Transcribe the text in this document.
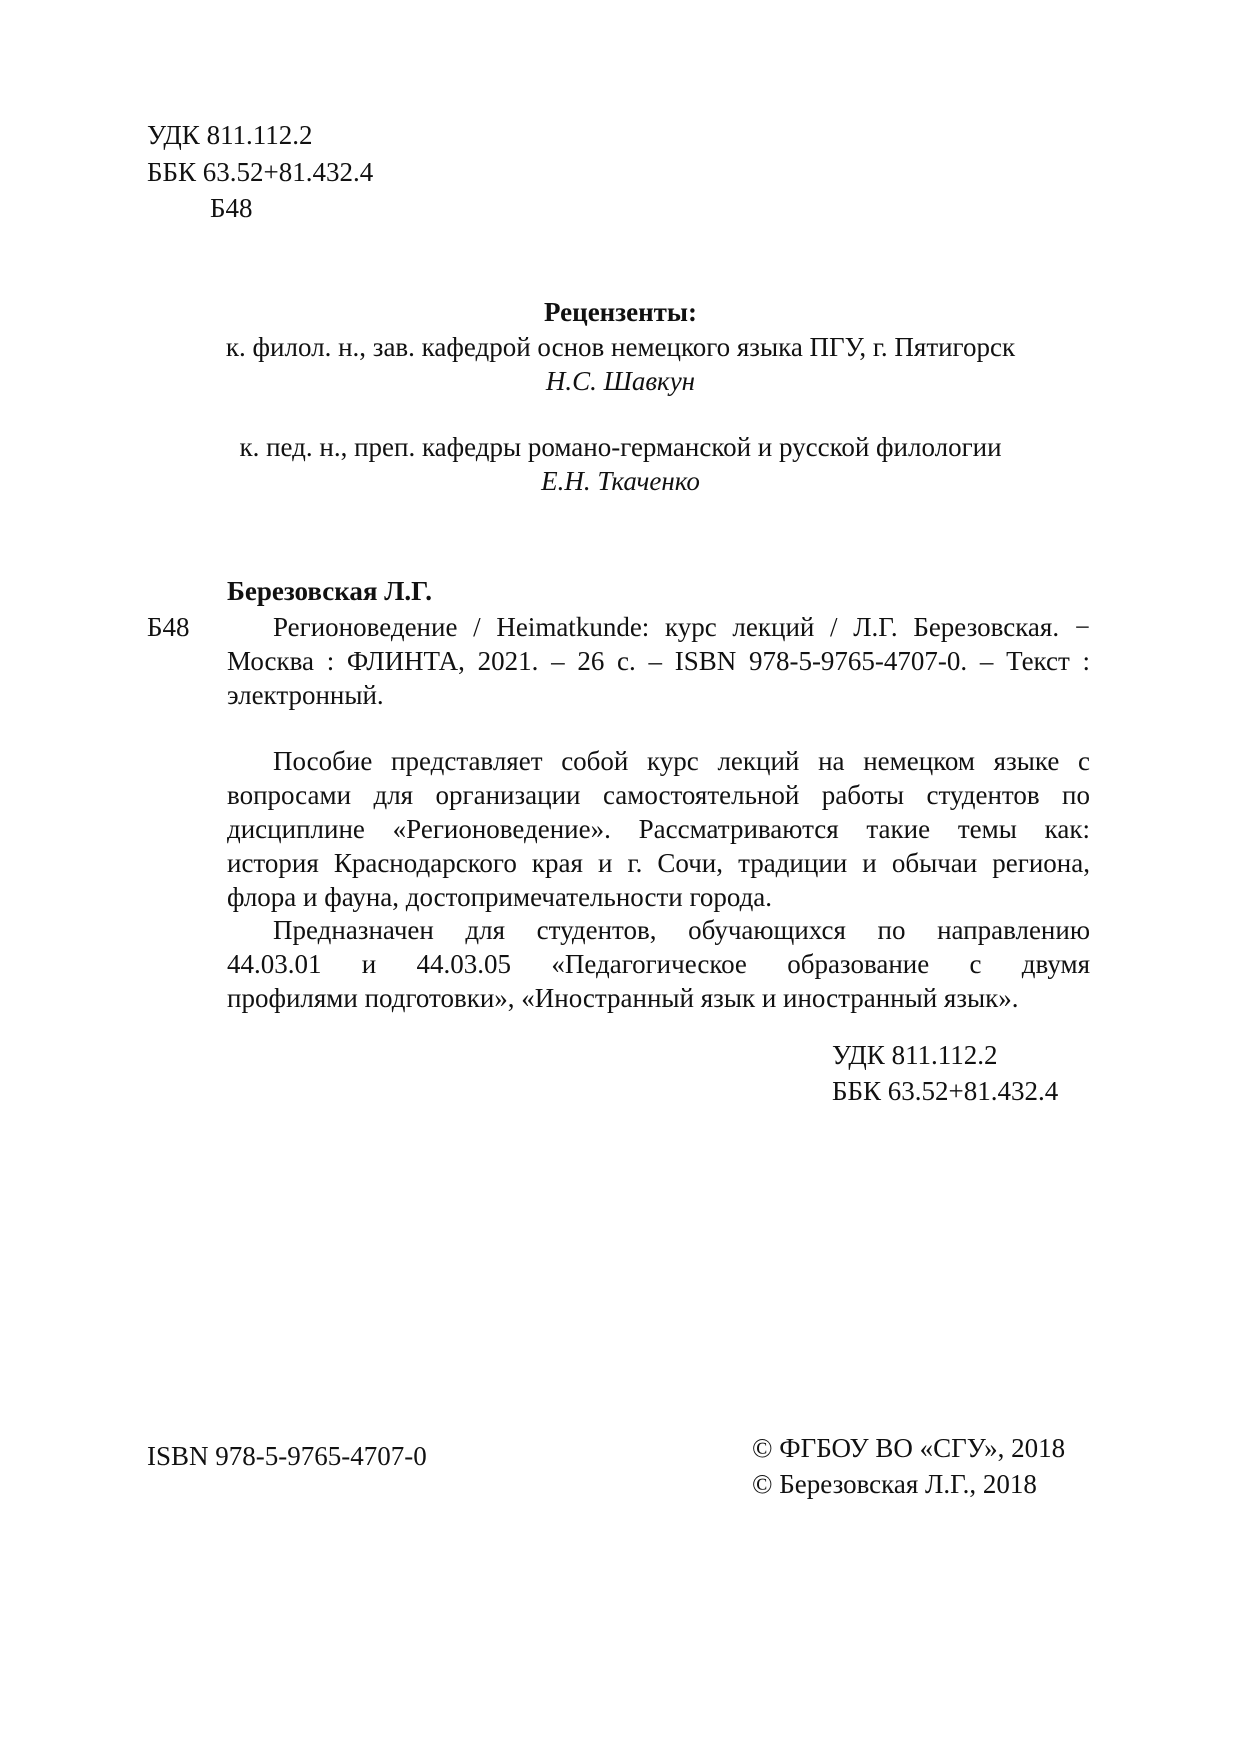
УДК 811.112.2
ББК 63.52+81.432.4
Б48
Рецензенты:
к. филол. н., зав. кафедрой основ немецкого языка ПГУ, г. Пятигорск
Н.С. Шавкун
к. пед. н., преп. кафедры романо-германской и русской филологии
Е.Н. Ткаченко
Березовская Л.Г.
Б48	Регионоведение / Heimatkunde: курс лекций / Л.Г. Березовская. −
Москва : ФЛИНТА, 2021. – 26 с. – ISBN 978-5-9765-4707-0. – Текст :
электронный.
Пособие представляет собой курс лекций на немецком языке с
вопросами для организации самостоятельной работы студентов по
дисциплине «Регионоведение». Рассматриваются такие темы как:
история Краснодарского края и г. Сочи, традиции и обычаи региона,
флора и фауна, достопримечательности города.
Предназначен для студентов, обучающихся по направлению
44.03.01 и 44.03.05 «Педагогическое образование с двумя
профилями подготовки», «Иностранный язык и иностранный язык».
УДК 811.112.2
ББК 63.52+81.432.4
ISBN 978-5-9765-4707-0	© ФГБОУ ВО «СГУ», 2018
© Березовская Л.Г., 2018
